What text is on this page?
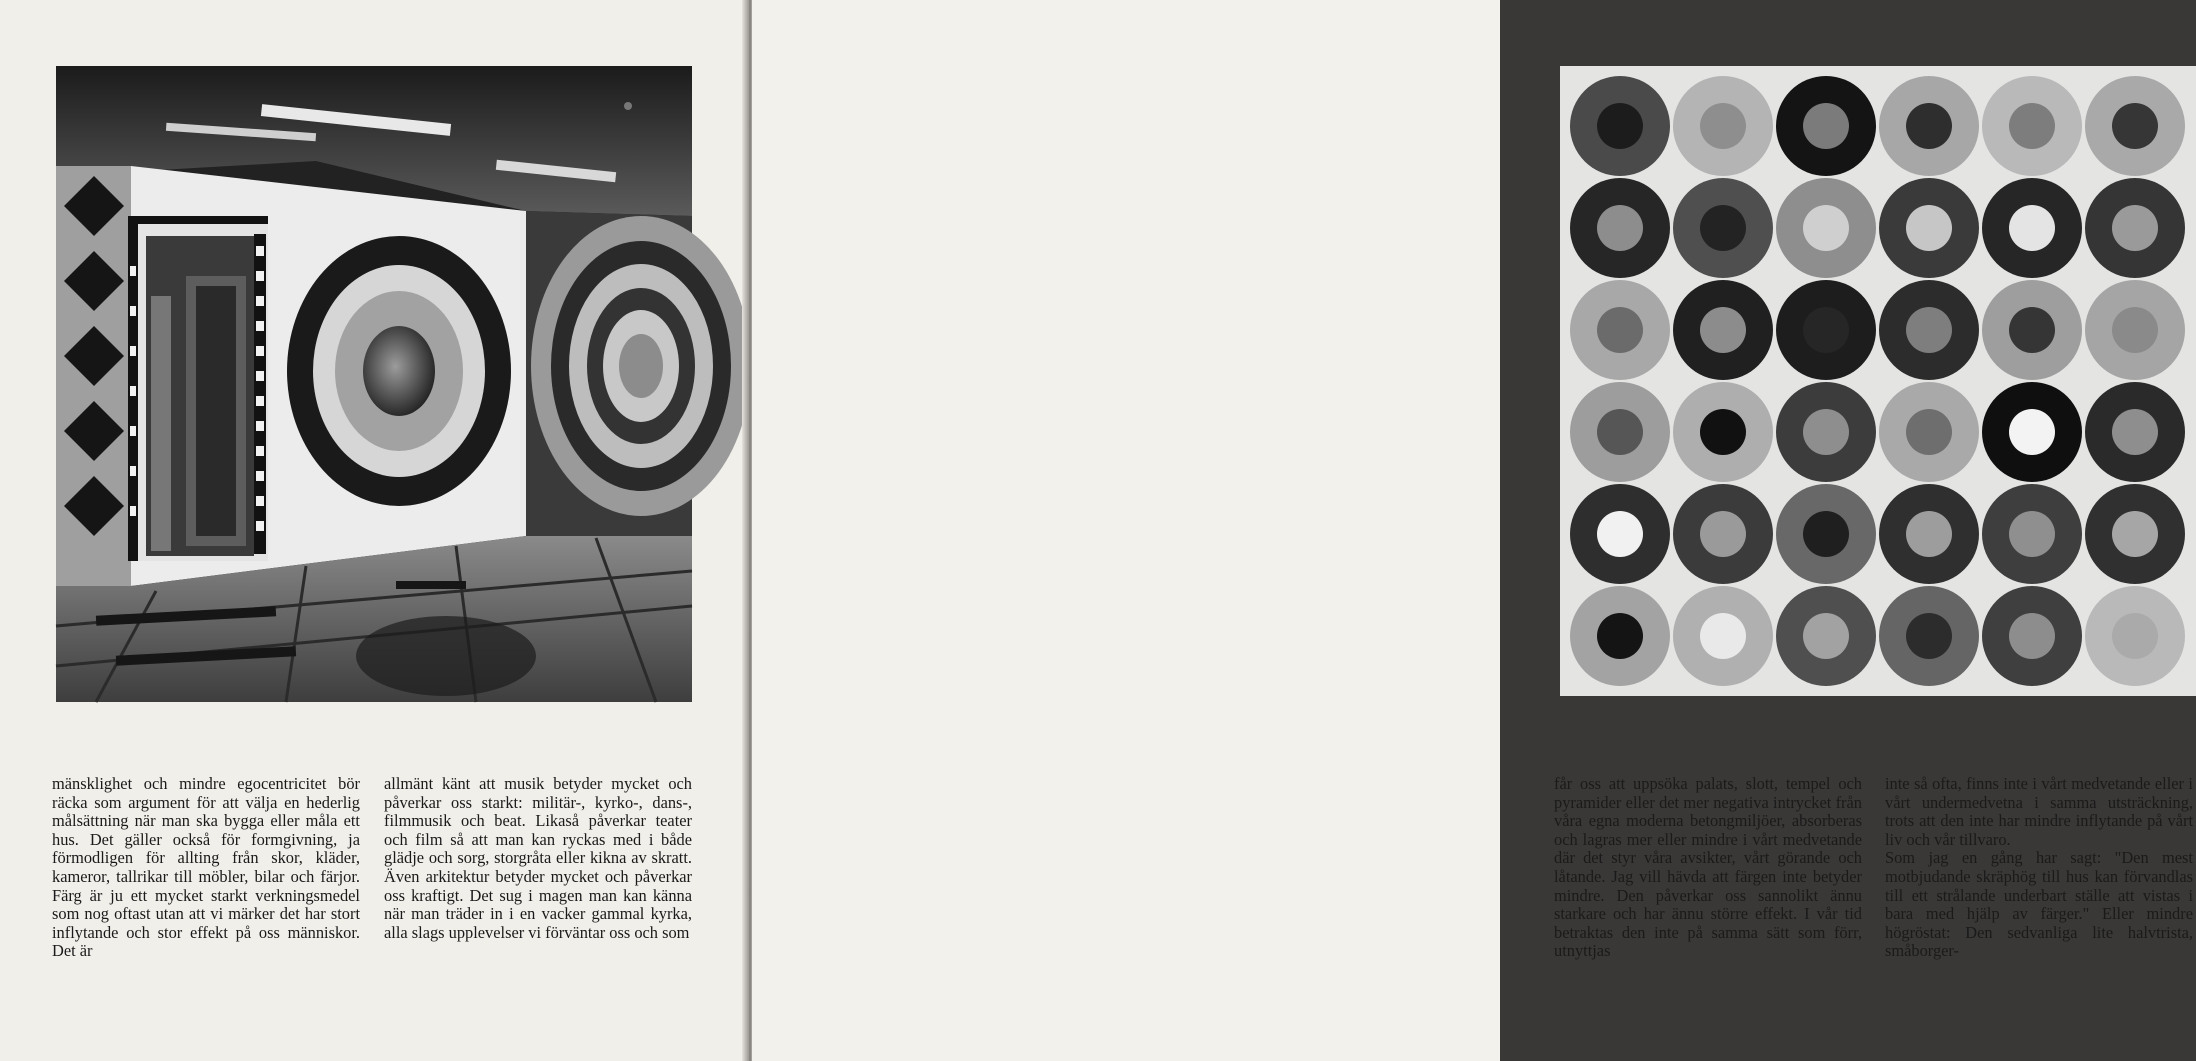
mänsklighet och mindre egocentricitet bör räcka som argument för att välja en hederlig målsättning när man ska bygga eller måla ett hus. Det gäller också för formgivning, ja förmodligen för allting från skor, kläder, kameror, tallrikar till möbler, bilar och färjor. Färg är ju ett mycket starkt verkningsmedel som nog oftast utan att vi märker det har stort inflytande och stor effekt på oss människor. Det är

allmänt känt att musik betyder mycket och påverkar oss starkt: militär-, kyrko-, dans-, filmmusik och beat. Likaså påverkar teater och film så att man kan ryckas med i både glädje och sorg, storgråta eller kikna av skratt. Även arkitektur betyder mycket och påverkar oss kraftigt. Det sug i magen man kan känna när man träder in i en vacker gammal kyrka, alla slags upplevelser vi förväntar oss och som

får oss att uppsöka palats, slott, tempel och pyramider eller det mer negativa intrycket från våra egna moderna betongmiljöer, absorberas och lagras mer eller mindre i vårt medvetande där det styr våra avsikter, vårt görande och låtande. Jag vill hävda att färgen inte betyder mindre. Den påverkar oss sannolikt ännu starkare och har ännu större effekt. I vår tid betraktas den inte på samma sätt som förr, utnyttjas

inte så ofta, finns inte i vårt medvetande eller i vårt undermedvetna i samma utsträckning, trots att den inte har mindre inflytande på vårt liv och vår tillvaro.

Som jag en gång har sagt: "Den mest motbjudande skräphög till hus kan förvandlas till ett strålande underbart ställe att vistas i bara med hjälp av färger." Eller mindre högröstat: Den sedvanliga lite halvtrista, småborger-
